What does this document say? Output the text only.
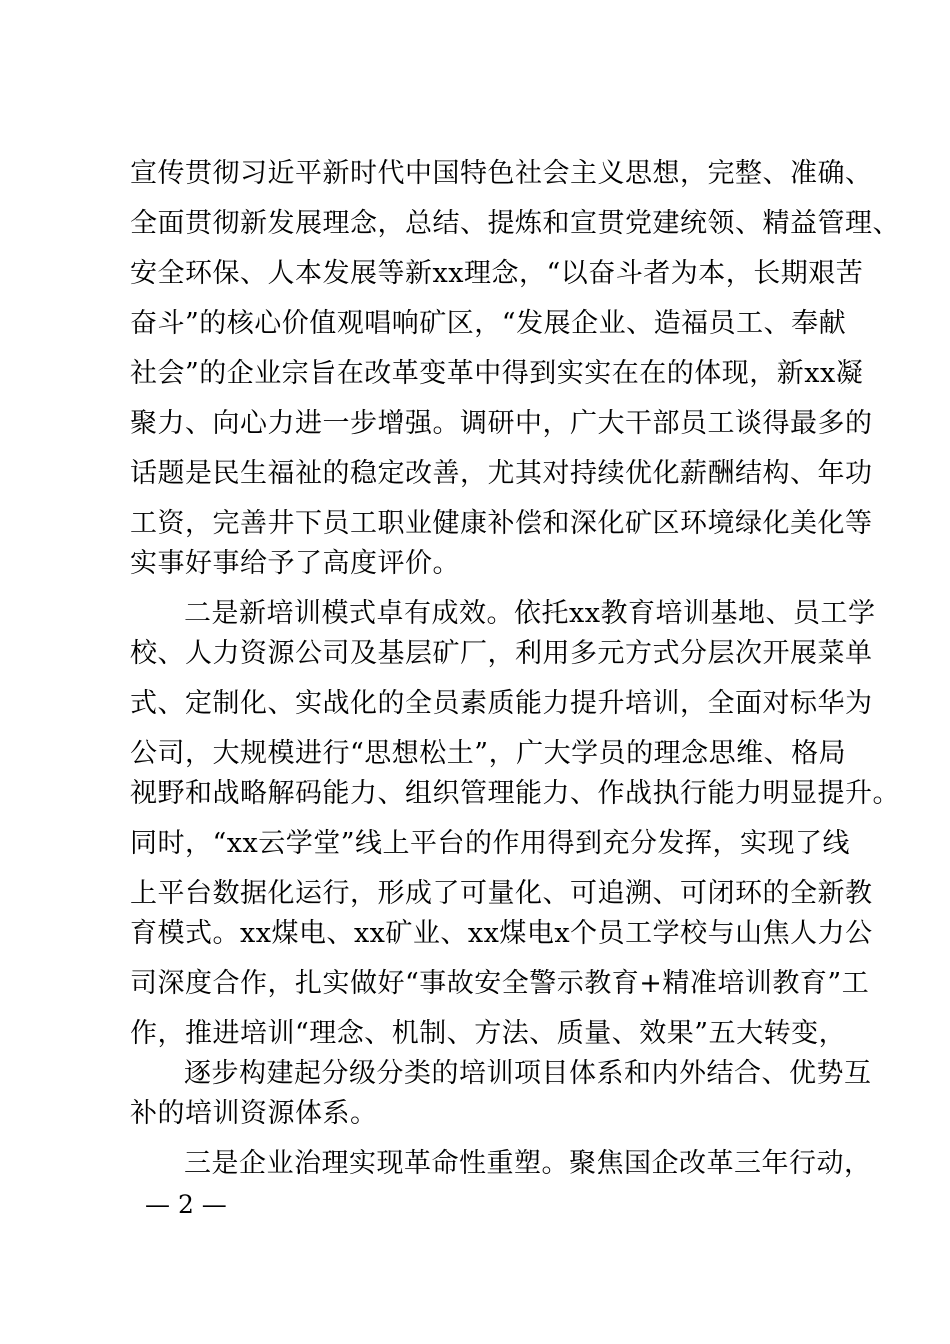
宣传贯彻习近平新时代中国特色社会主义思想，完整、准确、
全面贯彻新发展理念，总结、提炼和宣贯党建统领、精益管理、
安全环保、人本发展等新xx理念，“以奋斗者为本，长期艰苦
奋斗”的核心价值观唱响矿区，“发展企业、造福员工、奉献
社会”的企业宗旨在改革变革中得到实实在在的体现，新xx凝
聚力、向心力进一步增强。调研中，广大干部员工谈得最多的
话题是民生福祉的稳定改善，尤其对持续优化薪酬结构、年功
工资，完善井下员工职业健康补偿和深化矿区环境绿化美化等
实事好事给予了高度评价。
二是新培训模式卓有成效。依托xx教育培训基地、员工学
校、人力资源公司及基层矿厂，利用多元方式分层次开展菜单
式、定制化、实战化的全员素质能力提升培训，全面对标华为
公司，大规模进行“思想松土”，广大学员的理念思维、格局
视野和战略解码能力、组织管理能力、作战执行能力明显提升。
同时，“xx云学堂”线上平台的作用得到充分发挥，实现了线
上平台数据化运行，形成了可量化、可追溯、可闭环的全新教
育模式。xx煤电、xx矿业、xx煤电x个员工学校与山焦人力公
司深度合作，扎实做好“事故安全警示教育+精准培训教育”工
作，推进培训“理念、机制、方法、质量、效果”五大转变，
逐步构建起分级分类的培训项目体系和内外结合、优势互
补的培训资源体系。
三是企业治理实现革命性重塑。聚焦国企改革三年行动，
— 2 —
